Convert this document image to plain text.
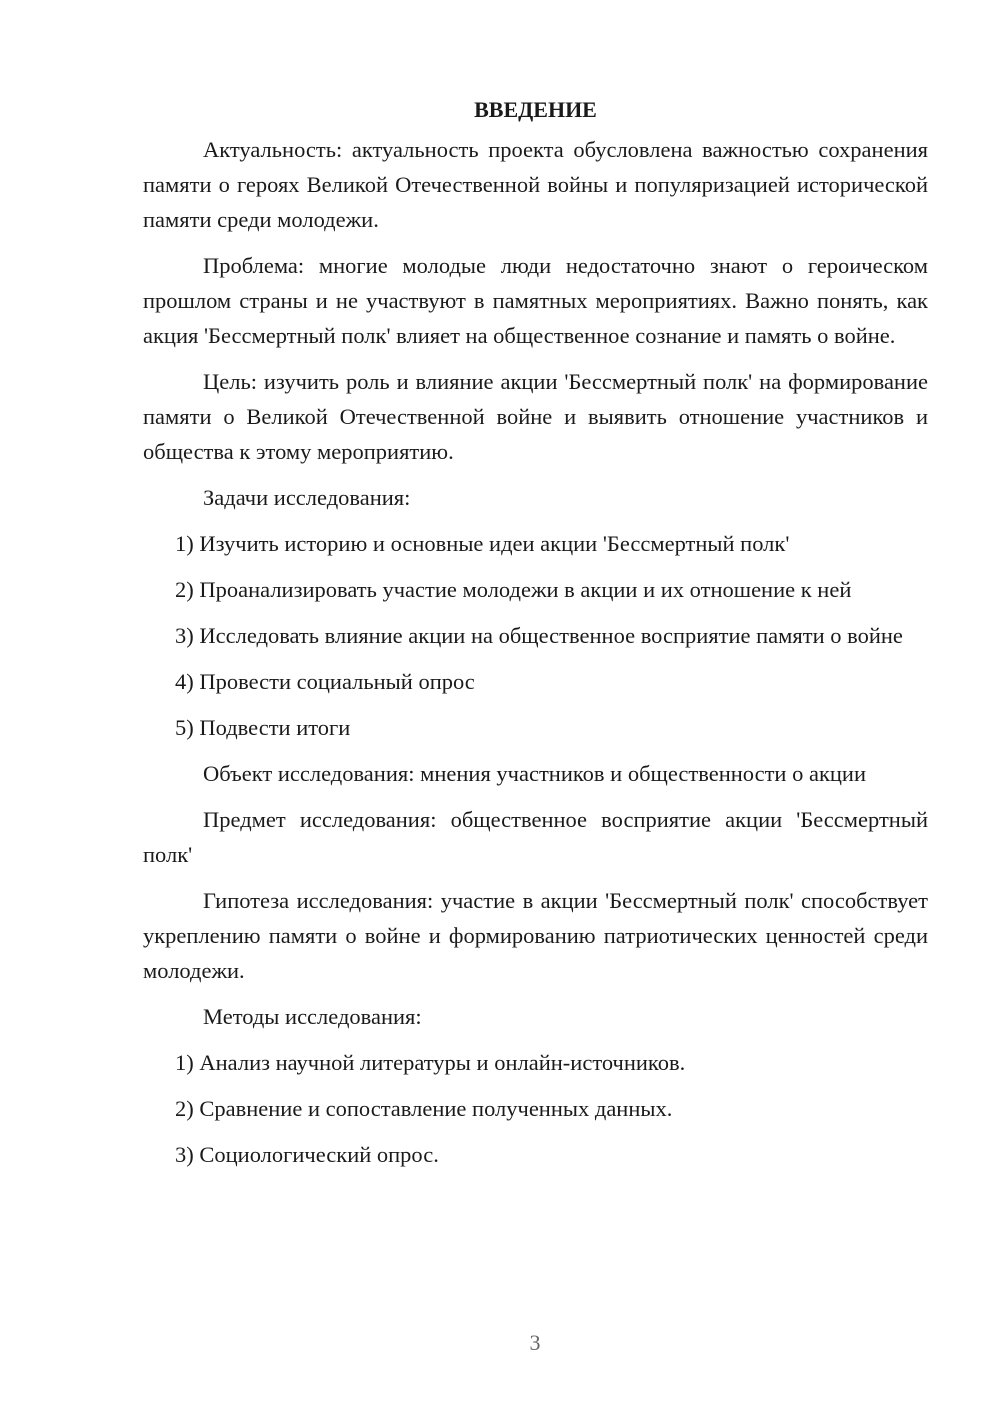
ВВЕДЕНИЕ

Актуальность: актуальность проекта обусловлена важностью сохранения памяти о героях Великой Отечественной войны и популяризацией исторической памяти среди молодежи.

Проблема: многие молодые люди недостаточно знают о героическом прошлом страны и не участвуют в памятных мероприятиях. Важно понять, как акция 'Бессмертный полк' влияет на общественное сознание и память о войне.

Цель: изучить роль и влияние акции 'Бессмертный полк' на формирование памяти о Великой Отечественной войне и выявить отношение участников и общества к этому мероприятию.

Задачи исследования:

1) Изучить историю и основные идеи акции 'Бессмертный полк'

2) Проанализировать участие молодежи в акции и их отношение к ней

3) Исследовать влияние акции на общественное восприятие памяти о войне

4) Провести социальный опрос

5) Подвести итоги

Объект исследования: мнения участников и общественности о акции

Предмет исследования: общественное восприятие акции 'Бессмертный полк'

Гипотеза исследования: участие в акции 'Бессмертный полк' способствует укреплению памяти о войне и формированию патриотических ценностей среди молодежи.

Методы исследования:

1) Анализ научной литературы и онлайн-источников.

2) Сравнение и сопоставление полученных данных.

3) Социологический опрос.

3
